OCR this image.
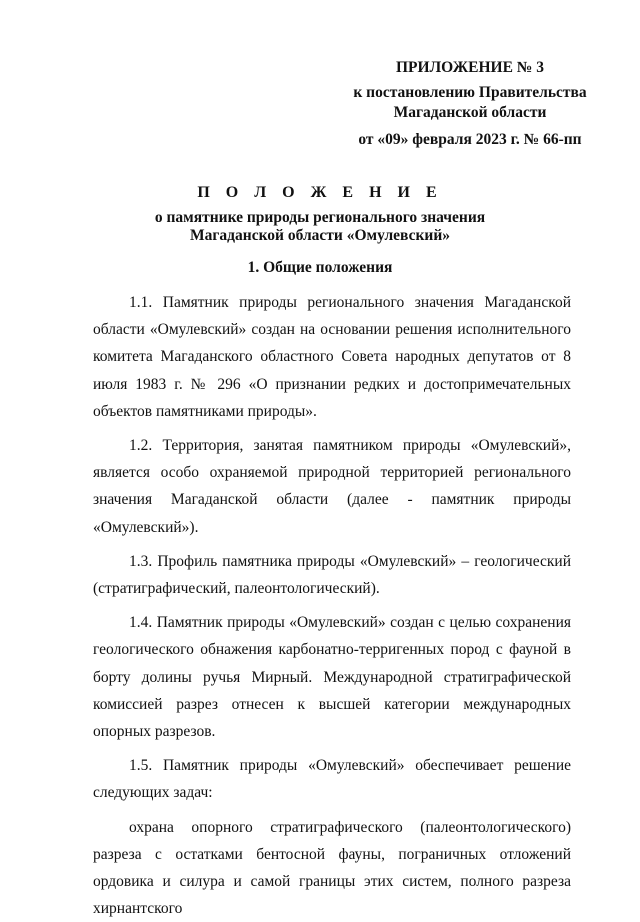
ПРИЛОЖЕНИЕ № 3
к постановлению Правительства
Магаданской области
от «09» февраля 2023 г. № 66-пп
П О Л О Ж Е Н И Е
о памятнике природы регионального значения
Магаданской области «Омулевский»
1. Общие положения

1.1. Памятник природы регионального значения Магаданской области «Омулевский» создан на основании решения исполнительного комитета Магаданского областного Совета народных депутатов от 8 июля 1983 г. № 296 «О признании редких и достопримечательных объектов памятниками природы».

1.2. Территория, занятая памятником природы «Омулевский», является особо охраняемой природной территорией регионального значения Магаданской области (далее - памятник природы «Омулевский»).

1.3. Профиль памятника природы «Омулевский» – геологический (стратиграфический, палеонтологический).

1.4. Памятник природы «Омулевский» создан с целью сохранения геологического обнажения карбонатно-терригенных пород с фауной в борту долины ручья Мирный. Международной стратиграфической комиссией разрез отнесен к высшей категории международных опорных разрезов.

1.5. Памятник природы «Омулевский» обеспечивает решение следующих задач:

охрана опорного стратиграфического (палеонтологического) разреза с остатками бентосной фауны, пограничных отложений ордовика и силура и самой границы этих систем, полного разреза хирнантского
